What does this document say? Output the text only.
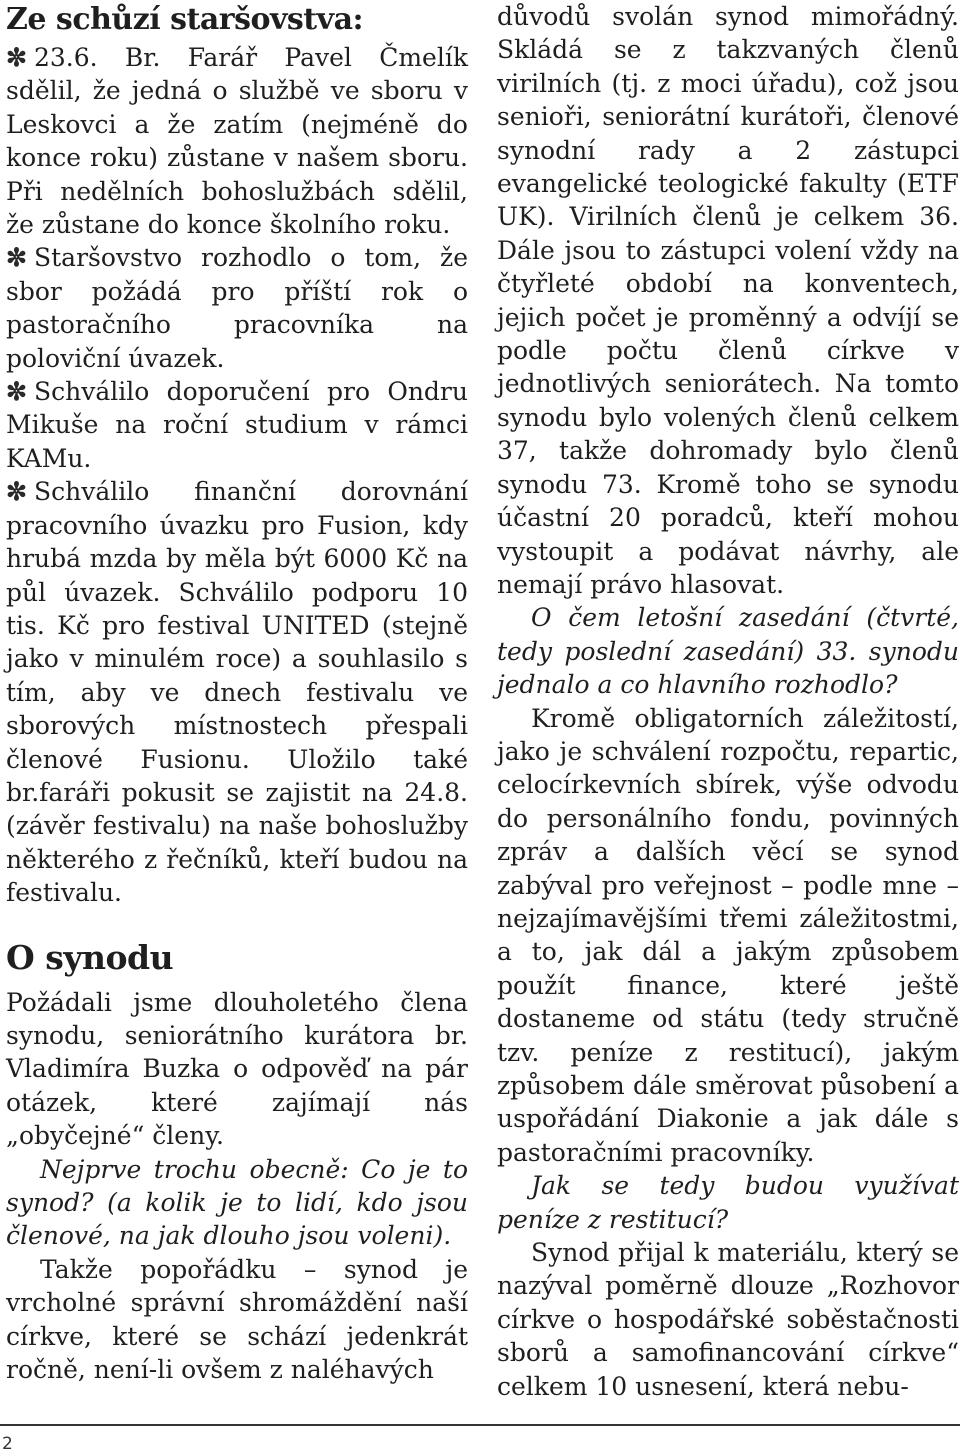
Ze schůzí staršovstva:

✼ 23.6. Br. Farář Pavel Čmelík sdělil, že jedná o službě ve sboru v Leskovci a že zatím (nejméně do konce roku) zůstane v našem sboru. Při nedělních bohoslužbách sdělil, že zůstane do konce školního roku.

✼ Staršovstvo rozhodlo o tom, že sbor požádá pro příští rok o pastoračního pracovníka na poloviční úvazek.

✼ Schválilo doporučení pro Ondru Mikuše na roční studium v rámci KAMu.

✼ Schválilo finanční dorovnání pracovního úvazku pro Fusion, kdy hrubá mzda by měla být 6000 Kč na půl úvazek. Schválilo podporu 10 tis. Kč pro festival UNITED (stejně jako v minulém roce) a souhlasilo s tím, aby ve dnech festivalu ve sborových místnostech přespali členové Fusionu. Uložilo také br.faráři pokusit se zajistit na 24.8. (závěr festivalu) na naše bohoslužby některého z řečníků, kteří budou na festivalu.

O synodu

Požádali jsme dlouholetého člena synodu, seniorátního kurátora br. Vladimíra Buzka o odpověď na pár otázek, které zajímají nás „obyčejné“ členy.

Nejprve trochu obecně: Co je to synod? (a kolik je to lidí, kdo jsou členové, na jak dlouho jsou voleni).

Takže popořádku – synod je vrcholné správní shromáždění naší církve, které se schází jedenkrát ročně, není-li ovšem z naléhavých

důvodů svolán synod mimořádný. Skládá se z takzvaných členů virilních (tj. z moci úřadu), což jsou senioři, seniorátní kurátoři, členové synodní rady a 2 zástupci evangelické teologické fakulty (ETF UK). Virilních členů je celkem 36. Dále jsou to zástupci volení vždy na čtyřleté období na konventech, jejich počet je proměnný a odvíjí se podle počtu členů církve v jednotlivých seniorátech. Na tomto synodu bylo volených členů celkem 37, takže dohromady bylo členů synodu 73. Kromě toho se synodu účastní 20 poradců, kteří mohou vystoupit a podávat návrhy, ale nemají právo hlasovat.

O čem letošní zasedání (čtvrté, tedy poslední zasedání) 33. synodu jednalo a co hlavního rozhodlo?

Kromě obligatorních záležitostí, jako je schválení rozpočtu, repartic, celocírkevních sbírek, výše odvodu do personálního fondu, povinných zpráv a dalších věcí se synod zabýval pro veřejnost – podle mne – nejzajímavějšími třemi záležitostmi, a to, jak dál a jakým způsobem použít finance, které ještě dostaneme od státu (tedy stručně tzv. peníze z restitucí), jakým způsobem dále směrovat působení a uspořádání Diakonie a jak dále s pastoračními pracovníky.

Jak se tedy budou využívat peníze z restitucí?

Synod přijal k materiálu, který se nazýval poměrně dlouze „Rozhovor církve o hospodářské soběstačnosti sborů a samofinancování církve“ celkem 10 usnesení, která nebu-

2
